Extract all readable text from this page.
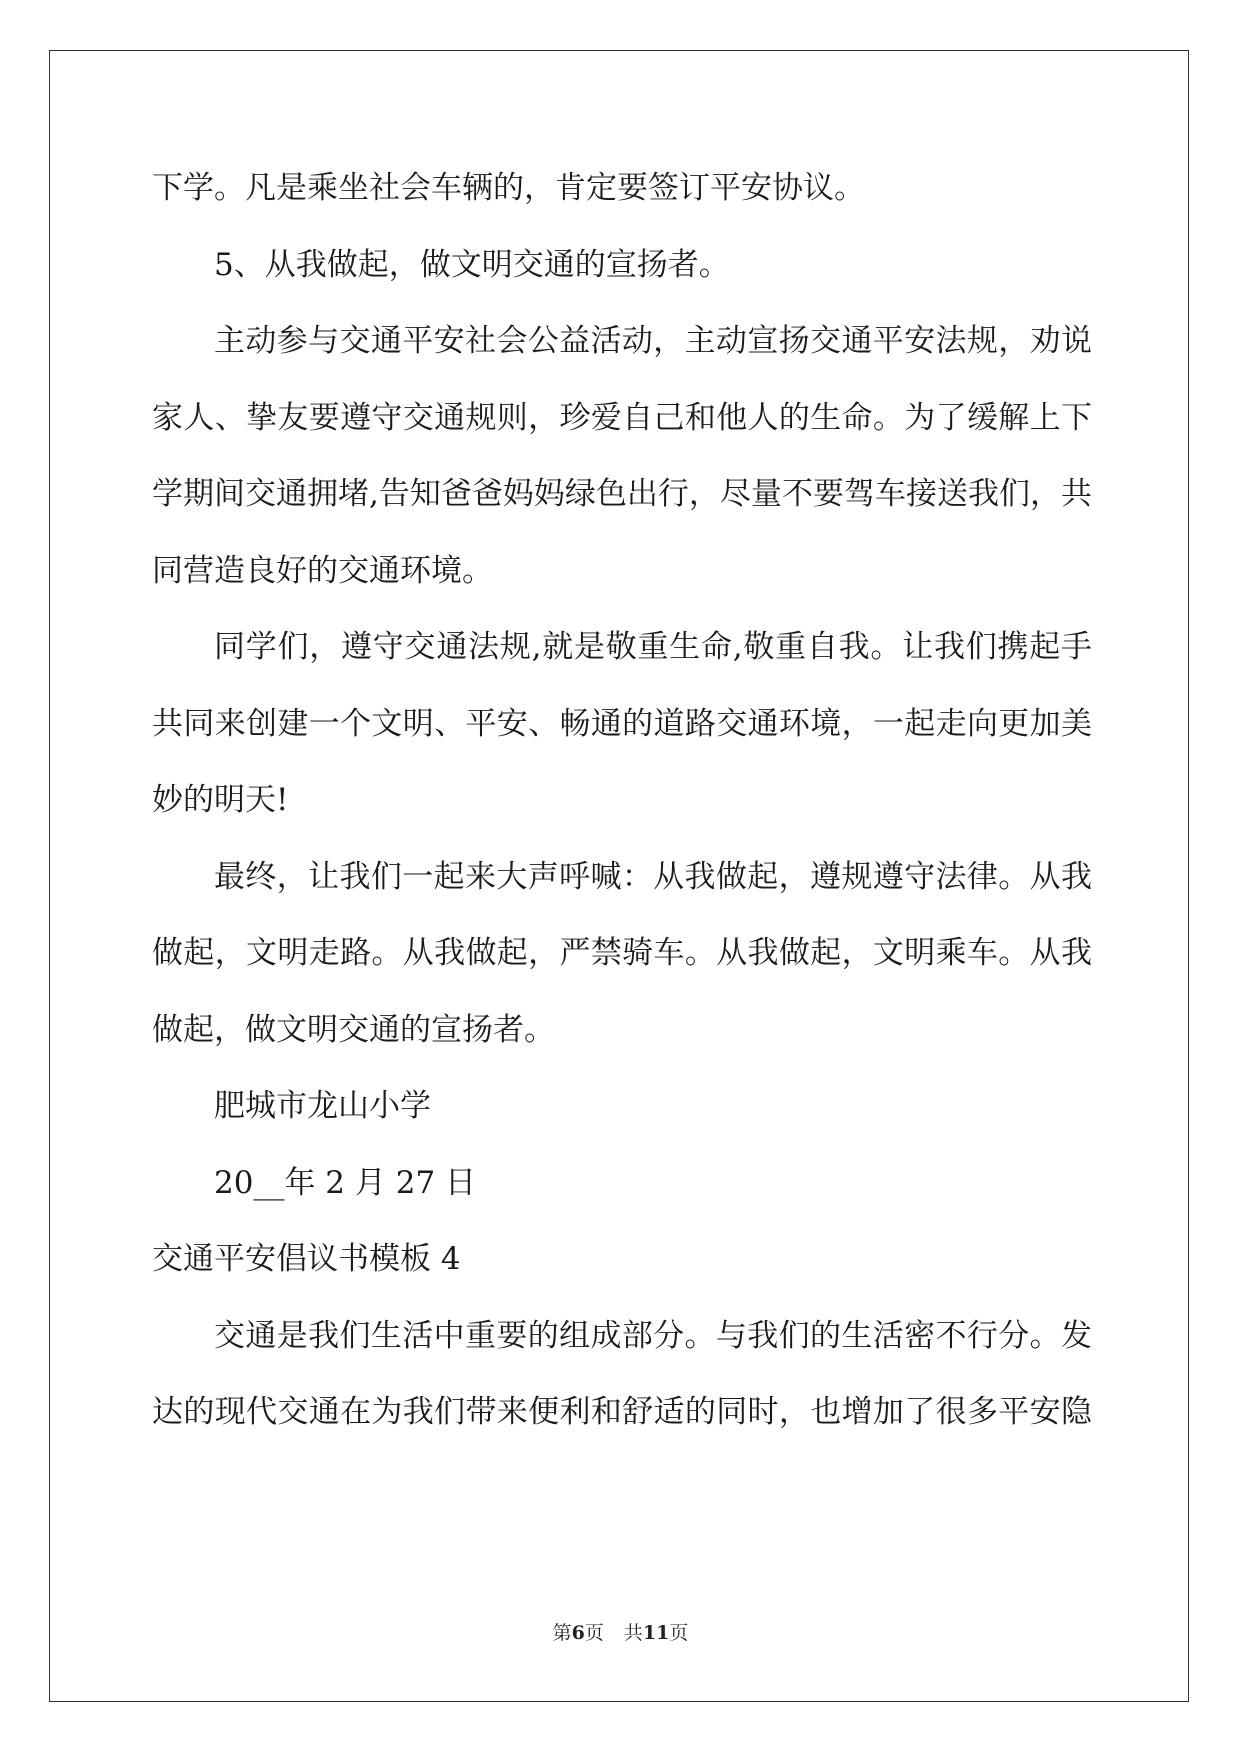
下学。凡是乘坐社会车辆的，肯定要签订平安协议。
5、从我做起，做文明交通的宣扬者。
主动参与交通平安社会公益活动，主动宣扬交通平安法规，劝说
家人、挚友要遵守交通规则，珍爱自己和他人的生命。为了缓解上下
学期间交通拥堵,告知爸爸妈妈绿色出行，尽量不要驾车接送我们，共
同营造良好的交通环境。
同学们，遵守交通法规,就是敬重生命,敬重自我。让我们携起手
共同来创建一个文明、平安、畅通的道路交通环境，一起走向更加美
妙的明天!
最终，让我们一起来大声呼喊：从我做起，遵规遵守法律。从我
做起，文明走路。从我做起，严禁骑车。从我做起，文明乘车。从我
做起，做文明交通的宣扬者。
肥城市龙山小学
20__年 2 月 27 日
交通平安倡议书模板 4
交通是我们生活中重要的组成部分。与我们的生活密不行分。发
达的现代交通在为我们带来便利和舒适的同时，也增加了很多平安隐
第6页 共11页
